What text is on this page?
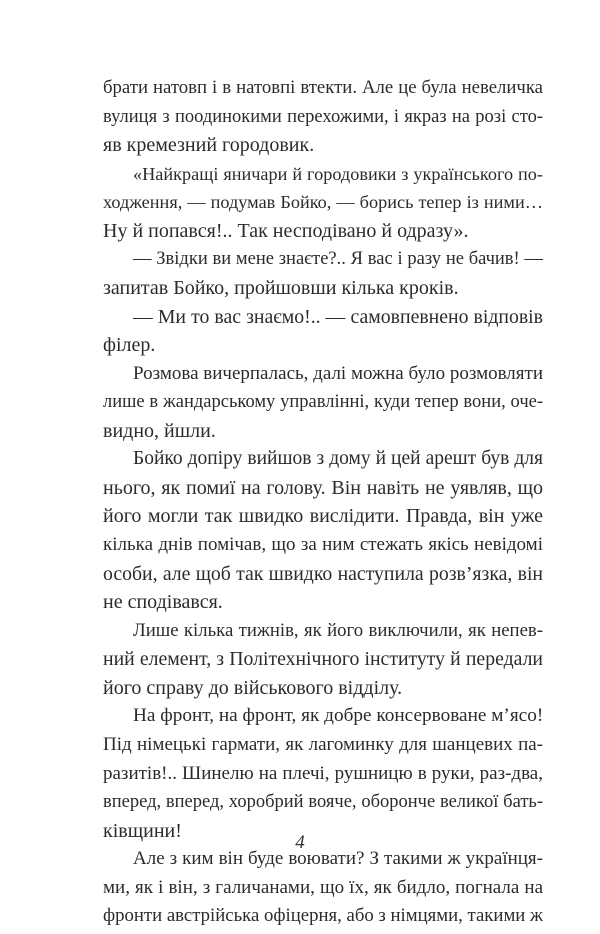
брати натовп і в натовпі втекти. Але це була невеличка
вулиця з поодинокими перехожими, і якраз на розі сто-
яв кремезний городовик.

«Найкращі яничари й городовики з українського по-
ходження, — подумав Бойко, — борись тепер із ними…
Ну й попався!.. Так несподівано й одразу».

— Звідки ви мене знаєте?.. Я вас і разу не бачив! —
запитав Бойко, пройшовши кілька кроків.

— Ми то вас знаємо!.. — самовпевнено відповів
філер.

Розмова вичерпалась, далі можна було розмовляти
лише в жандарському управлінні, куди тепер вони, оче-
видно, йшли.

Бойко допіру вийшов з дому й цей арешт був для
нього, як помиї на голову. Він навіть не уявляв, що
його могли так швидко вислідити. Правда, він уже
кілька днів помічав, що за ним стежать якісь невідомі
особи, але щоб так швидко наступила розв’язка, він
не сподівався.

Лише кілька тижнів, як його виключили, як непев-
ний елемент, з Політехнічного інституту й передали
його справу до військового відділу.

На фронт, на фронт, як добре консервоване м’ясо!
Під німецькі гармати, як лагоминку для шанцевих па-
разитів!.. Шинелю на плечі, рушницю в руки, раз-два,
вперед, вперед, хоробрий вояче, оборонче великої бать-
ківщини!

Але з ким він буде воювати? З такими ж українця-
ми, як і він, з галичанами, що їх, як бидло, погнала на
фронти австрійська офіцерня, або з німцями, такими ж

4
